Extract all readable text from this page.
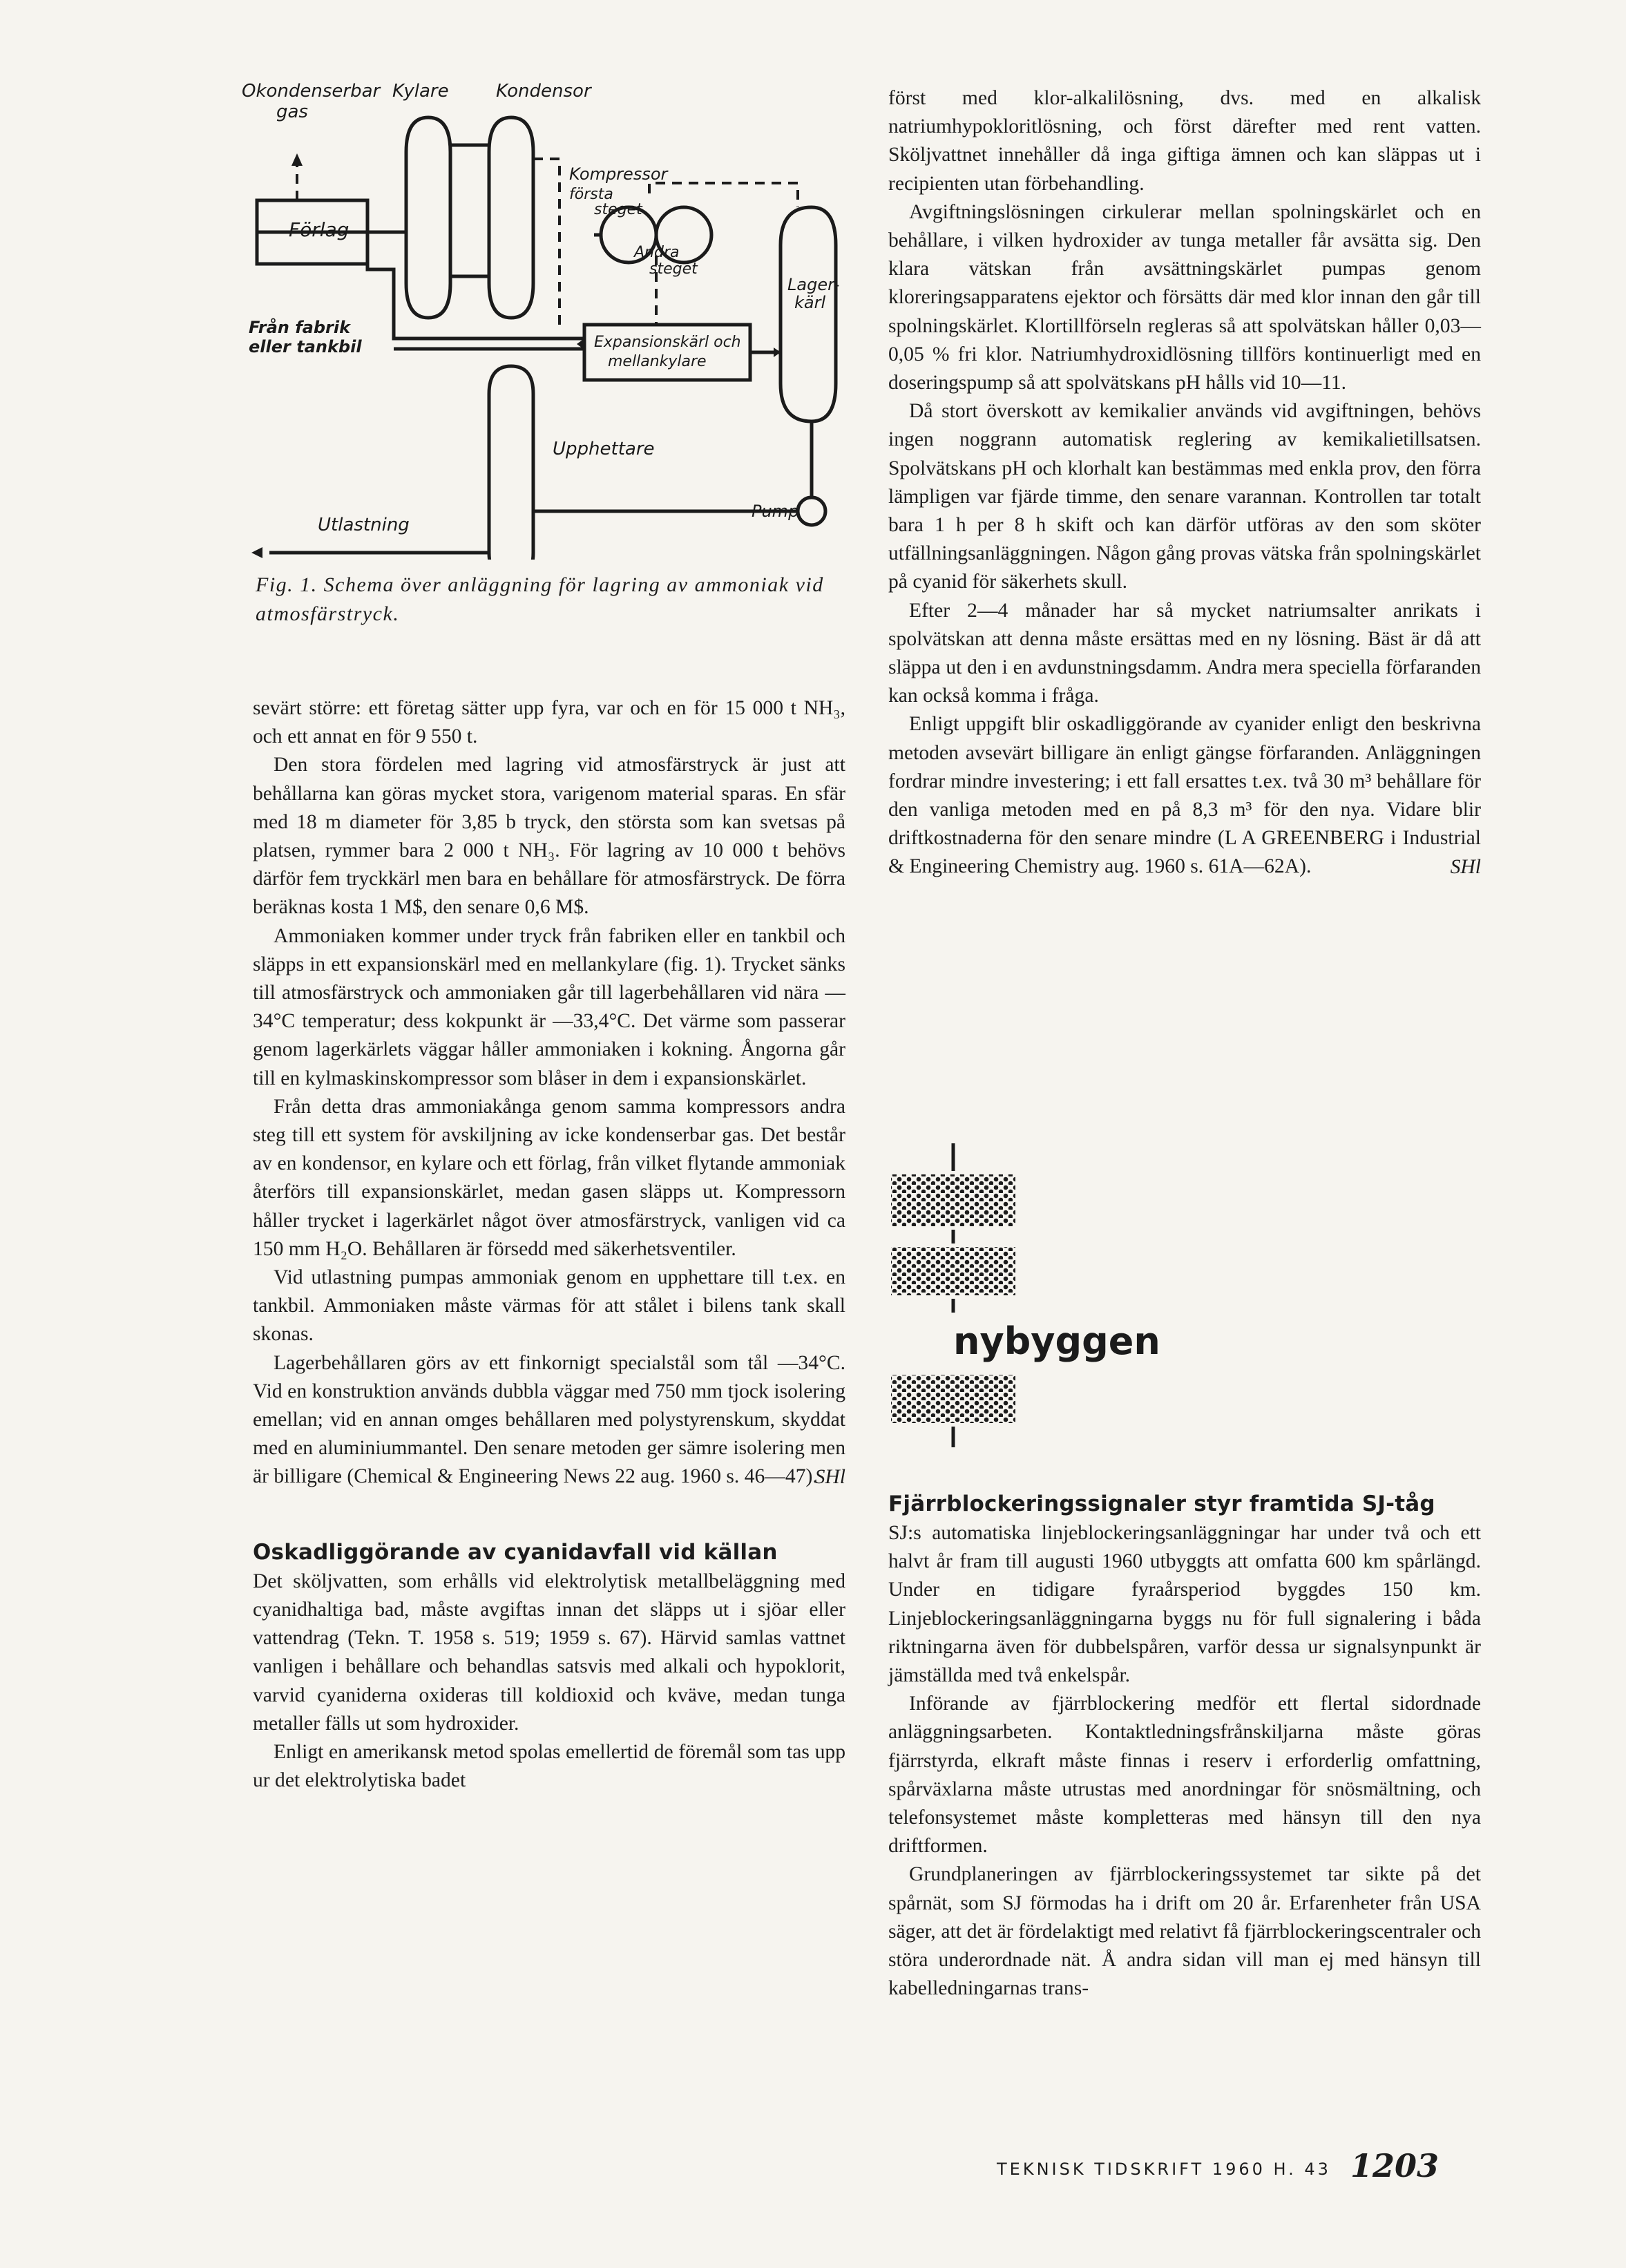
Okondenserbar
gas
Kylare	Kondensor
Kompressor
första
steget
Andra
steget
Förlag
Från fabrik
eller tankbil	Expansionskärl och
mellankylare
Lager-
kärl
Upphettare
Utlastning
Pump
Fig. 1. Schema över anläggning för lagring av ammoniak vid atmosfärstryck.

sevärt större: ett företag sätter upp fyra, var och en för 15 000 t NH₃, och ett annat en för 9 550 t.

Den stora fördelen med lagring vid atmosfärstryck är just att behållarna kan göras mycket stora, varigenom material sparas. En sfär med 18 m diameter för 3,85 b tryck, den största som kan svetsas på platsen, rymmer bara 2 000 t NH₃. För lagring av 10 000 t behövs därför fem tryckkärl men bara en behållare för atmosfärstryck. De förra beräknas kosta 1 M$, den senare 0,6 M$.

Ammoniaken kommer under tryck från fabriken eller en tankbil och släpps in ett expansionskärl med en mellankylare (fig. 1). Trycket sänks till atmosfärstryck och ammoniaken går till lagerbehållaren vid nära —34°C temperatur; dess kokpunkt är —33,4°C. Det värme som passerar genom lagerkärlets väggar håller ammoniaken i kokning. Ångorna går till en kylmaskinskompressor som blåser in dem i expansionskärlet.

Från detta dras ammoniakånga genom samma kompressors andra steg till ett system för avskiljning av icke kondenserbar gas. Det består av en kondensor, en kylare och ett förlag, från vilket flytande ammoniak återförs till expansionskärlet, medan gasen släpps ut. Kompressorn håller trycket i lagerkärlet något över atmosfärstryck, vanligen vid ca 150 mm H₂O. Behållaren är försedd med säkerhetsventiler.

Vid utlastning pumpas ammoniak genom en upphettare till t.ex. en tankbil. Ammoniaken måste värmas för att stålet i bilens tank skall skonas.

Lagerbehållaren görs av ett finkornigt specialstål som tål —34°C. Vid en konstruktion används dubbla väggar med 750 mm tjock isolering emellan; vid en annan omges behållaren med polystyrenskum, skyddat med en aluminiummantel. Den senare metoden ger sämre isolering men är billigare (Chemical & Engineering News 22 aug. 1960 s. 46—47).

SHl
Oskadliggörande av cyanidavfall vid källan

Det sköljvatten, som erhålls vid elektrolytisk metallbeläggning med cyanidhaltiga bad, måste avgiftas innan det släpps ut i sjöar eller vattendrag (Tekn. T. 1958 s. 519; 1959 s. 67). Härvid samlas vattnet vanligen i behållare och behandlas satsvis med alkali och hypoklorit, varvid cyaniderna oxideras till koldioxid och kväve, medan tunga metaller fälls ut som hydroxider.

Enligt en amerikansk metod spolas emellertid de föremål som tas upp ur det elektrolytiska badet

först med klor-alkalilösning, dvs. med en alkalisk natriumhypokloritlösning, och först därefter med rent vatten. Sköljvattnet innehåller då inga giftiga ämnen och kan släppas ut i recipienten utan förbehandling.

Avgiftningslösningen cirkulerar mellan spolningskärlet och en behållare, i vilken hydroxider av tunga metaller får avsätta sig. Den klara vätskan från avsättningskärlet pumpas genom kloreringsapparatens ejektor och försätts där med klor innan den går till spolningskärlet. Klortillförseln regleras så att spolvätskan håller 0,03—0,05 % fri klor. Natriumhydroxidlösning tillförs kontinuerligt med en doseringspump så att spolvätskans pH hålls vid 10—11.

Då stort överskott av kemikalier används vid avgiftningen, behövs ingen noggrann automatisk reglering av kemikalietillsatsen. Spolvätskans pH och klorhalt kan bestämmas med enkla prov, den förra lämpligen var fjärde timme, den senare varannan. Kontrollen tar totalt bara 1 h per 8 h skift och kan därför utföras av den som sköter utfällningsanläggningen. Någon gång provas vätska från spolningskärlet på cyanid för säkerhets skull.

Efter 2—4 månader har så mycket natriumsalter anrikats i spolvätskan att denna måste ersättas med en ny lösning. Bäst är då att släppa ut den i en avdunstningsdamm. Andra mera speciella förfaranden kan också komma i fråga.

Enligt uppgift blir oskadliggörande av cyanider enligt den beskrivna metoden avsevärt billigare än enligt gängse förfaranden. Anläggningen fordrar mindre investering; i ett fall ersattes t.ex. två 30 m³ behållare för den vanliga metoden med en på 8,3 m³ för den nya. Vidare blir driftkostnaderna för den senare mindre (L A GREENBERG i Industrial & Engineering Chemistry aug. 1960 s. 61A—62A).	SHl
nybyggen
Fjärrblockeringssignaler styr framtida SJ-tåg

SJ:s automatiska linjeblockeringsanläggningar har under två och ett halvt år fram till augusti 1960 utbyggts att omfatta 600 km spårlängd. Under en tidigare fyraårsperiod byggdes 150 km. Linjeblockeringsanläggningarna byggs nu för full signalering i båda riktningarna även för dubbelspåren, varför dessa ur signalsynpunkt är jämställda med två enkelspår.

Införande av fjärrblockering medför ett flertal sidordnade anläggningsarbeten. Kontaktledningsfrånskiljarna måste göras fjärrstyrda, elkraft måste finnas i reserv i erforderlig omfattning, spårväxlarna måste utrustas med anordningar för snösmältning, och telefonsystemet måste kompletteras med hänsyn till den nya driftformen.

Grundplaneringen av fjärrblockeringssystemet tar sikte på det spårnät, som SJ förmodas ha i drift om 20 år. Erfarenheter från USA säger, att det är fördelaktigt med relativt få fjärrblockeringscentraler och störa underordnade nät. Å andra sidan vill man ej med hänsyn till kabelledningarnas trans-

TEKNISK TIDSKRIFT 1960 H. 43 1203
